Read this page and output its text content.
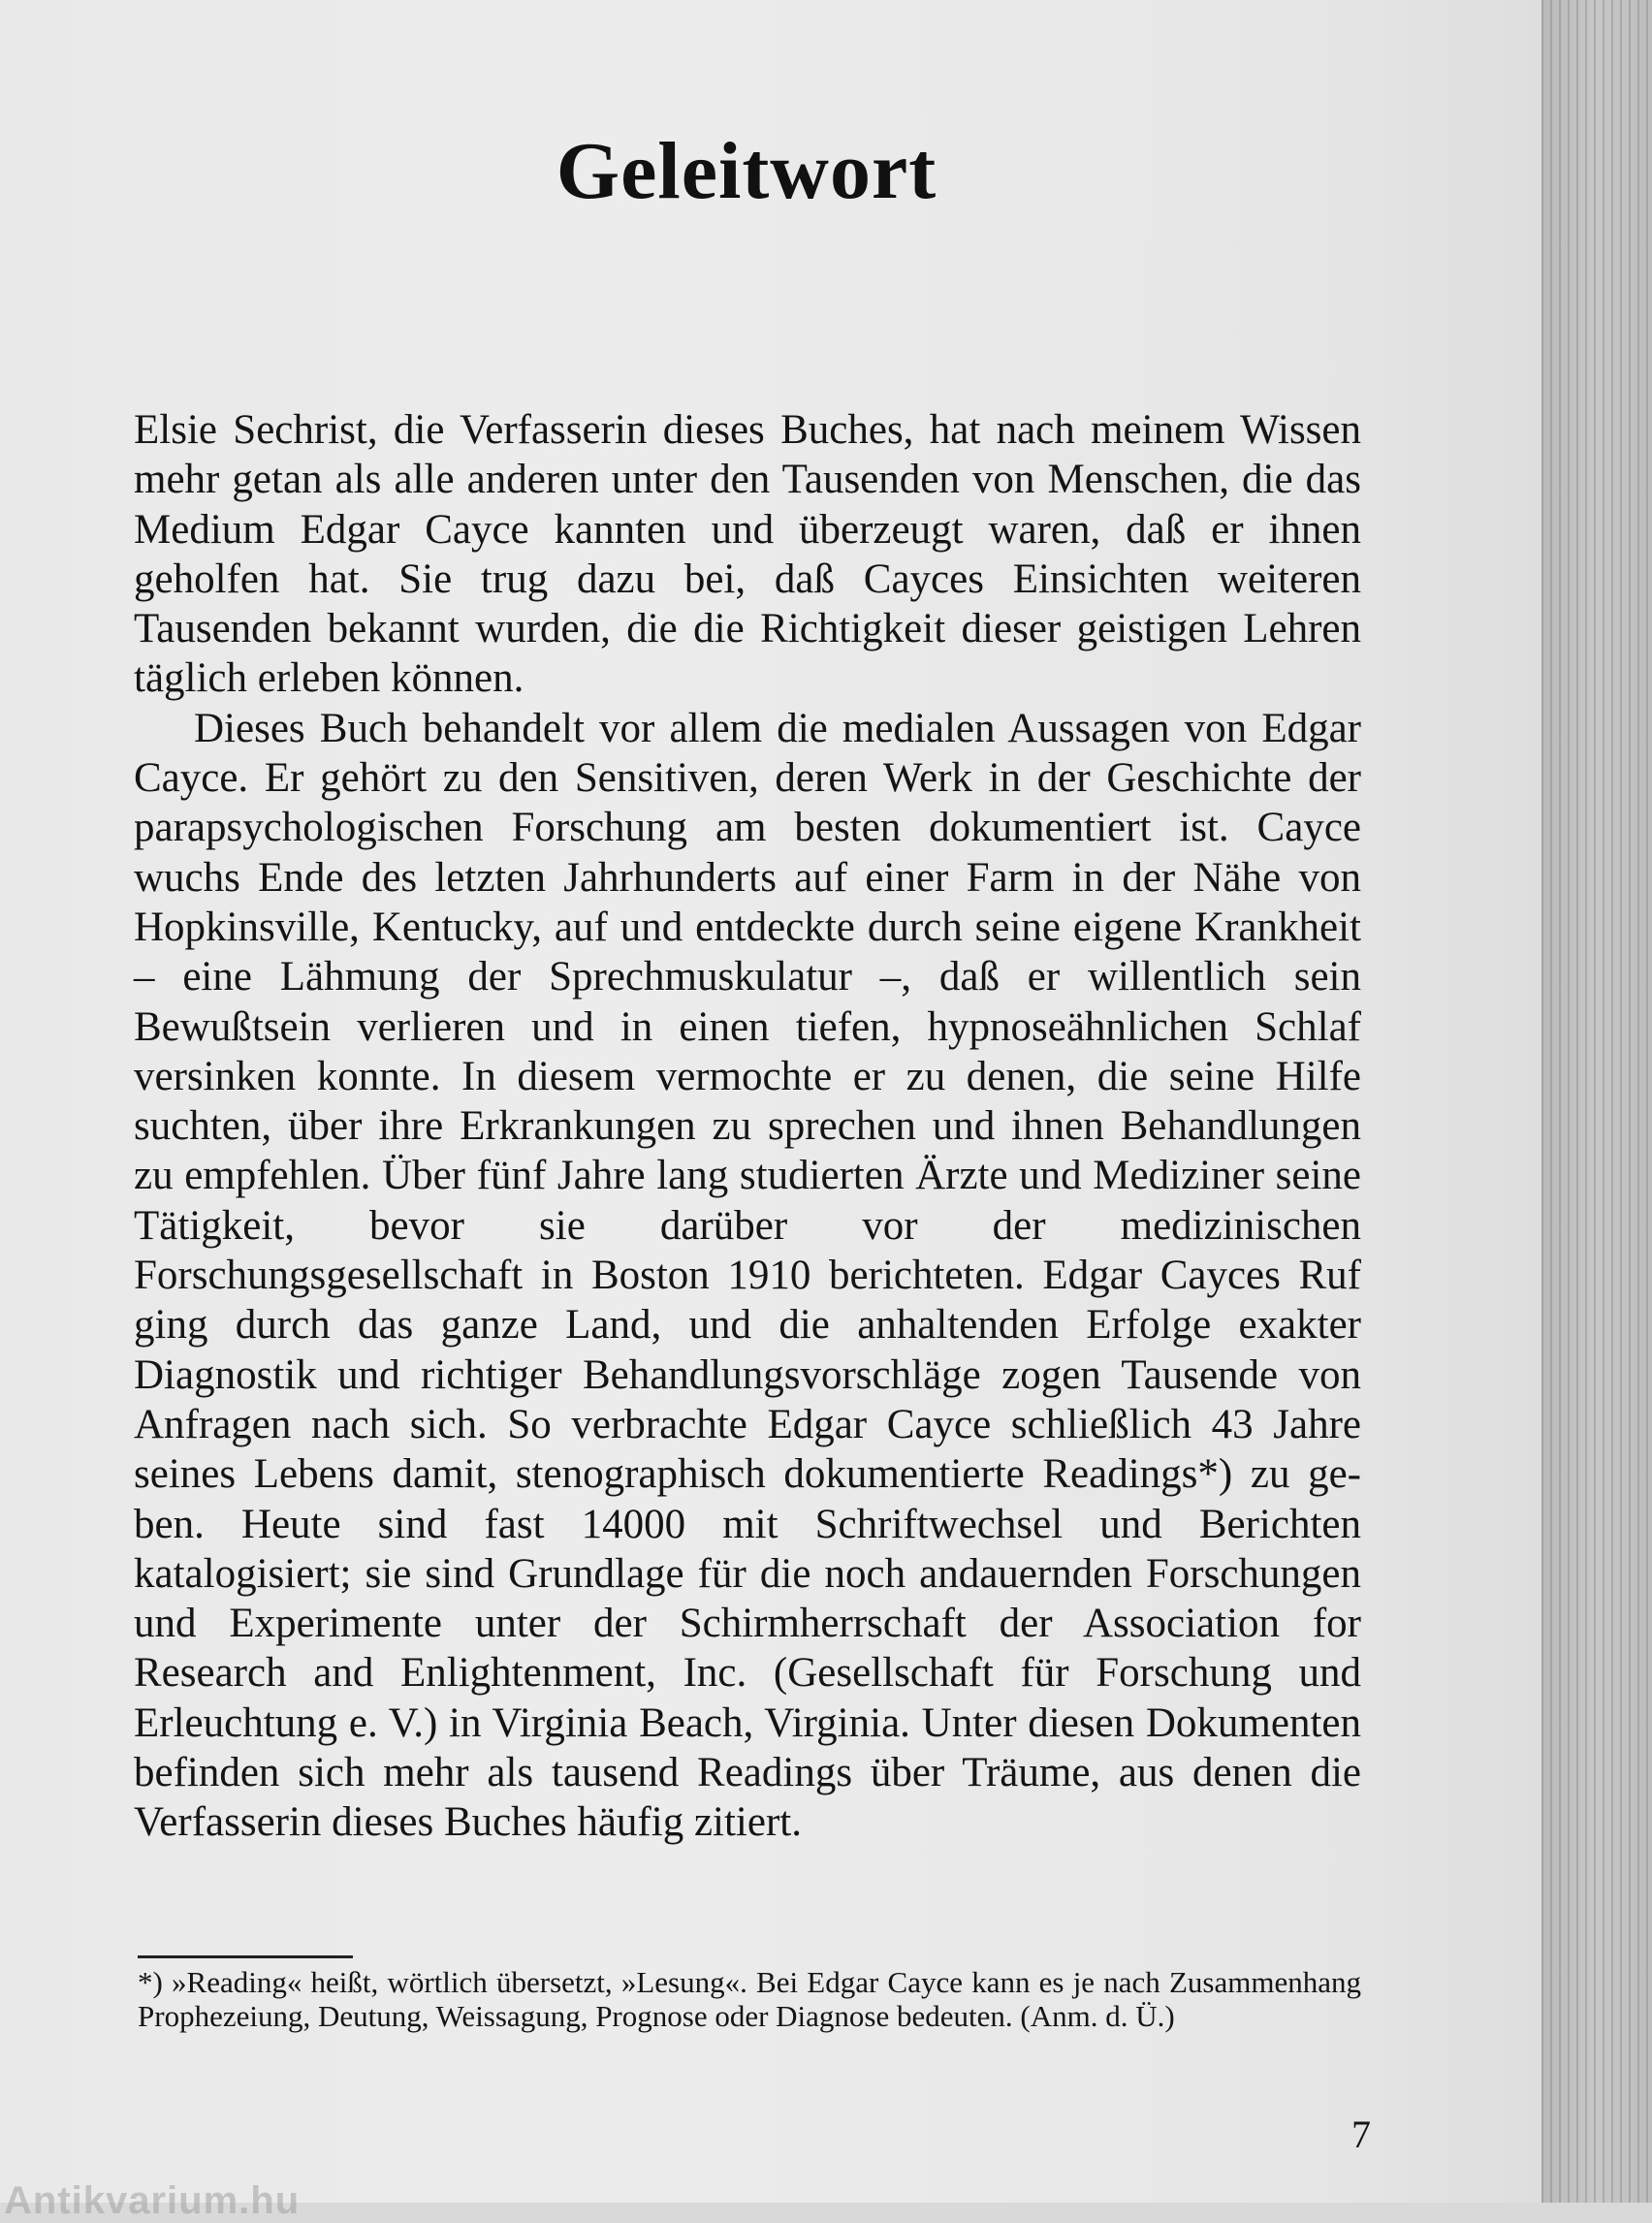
Geleitwort

Elsie Sechrist, die Verfasserin dieses Buches, hat nach meinem Wissen mehr getan als alle anderen unter den Tausenden von Menschen, die das Medium Edgar Cayce kannten und überzeugt waren, daß er ihnen geholfen hat. Sie trug dazu bei, daß Cayces Einsichten weiteren Tausenden bekannt wurden, die die Richtigkeit dieser geistigen Lehren täglich erleben können.

Dieses Buch behandelt vor allem die medialen Aussagen von Edgar Cayce. Er gehört zu den Sensitiven, deren Werk in der Geschichte der parapsychologischen Forschung am besten dokumentiert ist. Cayce wuchs Ende des letzten Jahrhunderts auf einer Farm in der Nähe von Hopkinsville, Kentucky, auf und entdeckte durch seine eigene Krankheit – eine Lähmung der Sprechmuskulatur –, daß er willentlich sein Bewußtsein verlieren und in einen tiefen, hypnoseähnlichen Schlaf versinken konnte. In diesem vermochte er zu denen, die seine Hilfe suchten, über ihre Erkrankungen zu sprechen und ihnen Behandlungen zu empfehlen. Über fünf Jahre lang studierten Ärzte und Mediziner seine Tätigkeit, bevor sie darüber vor der medizinischen Forschungsgesellschaft in Boston 1910 berichteten. Edgar Cayces Ruf ging durch das ganze Land, und die anhaltenden Erfolge exakter Diagnostik und richtiger Behandlungsvorschläge zogen Tausende von Anfragen nach sich. So verbrachte Edgar Cayce schließlich 43 Jahre seines Lebens damit, stenographisch dokumentierte Readings*) zu geben. Heute sind fast 14000 mit Schriftwechsel und Berichten katalogisiert; sie sind Grundlage für die noch andauernden Forschungen und Experimente unter der Schirmherrschaft der Association for Research and Enlightenment, Inc. (Gesellschaft für Forschung und Erleuchtung e. V.) in Virginia Beach, Virginia. Unter diesen Dokumenten befinden sich mehr als tausend Readings über Träume, aus denen die Verfasserin dieses Buches häufig zitiert.

*) »Reading« heißt, wörtlich übersetzt, »Lesung«. Bei Edgar Cayce kann es je nach Zusammenhang Prophezeiung, Deutung, Weissagung, Prognose oder Diagnose bedeuten. (Anm. d. Ü.)
7
Antikvarium.hu
